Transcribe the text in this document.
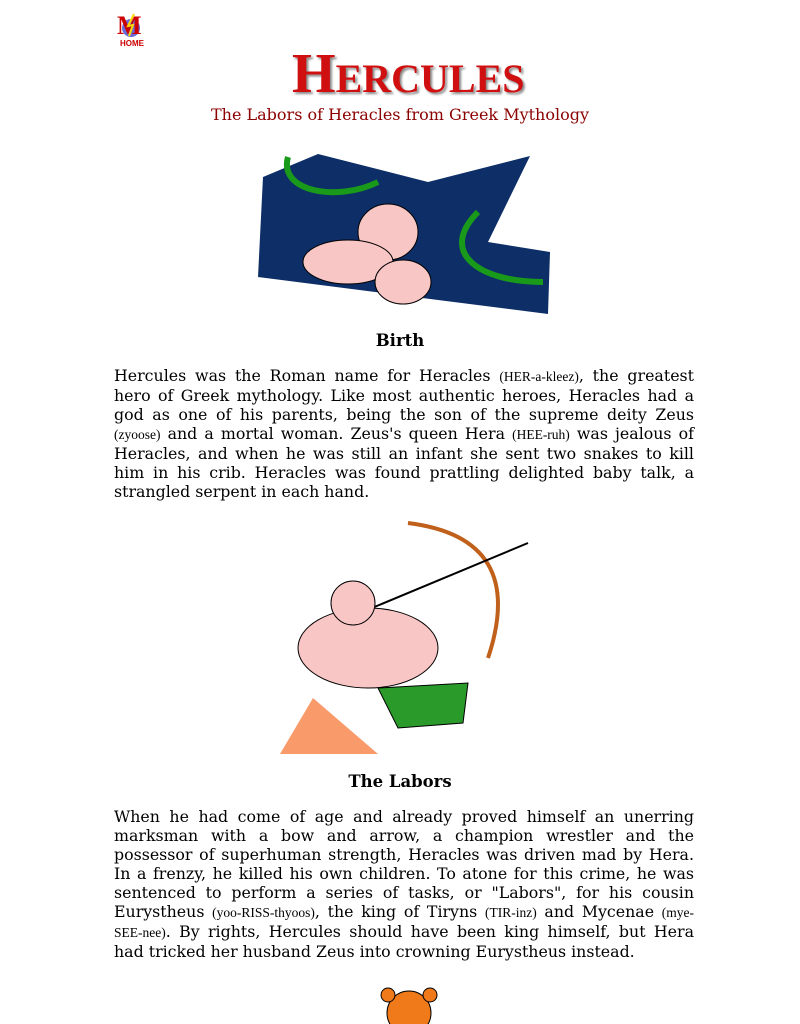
M
HOME	HERCULES
The Labors of Heracles from Greek Mythology
Birth

Hercules was the Roman name for Heracles (HER-a-kleez), the greatest hero of Greek mythology. Like most authentic heroes, Heracles had a god as one of his parents, being the son of the supreme deity Zeus (zyoose) and a mortal woman. Zeus's queen Hera (HEE-ruh) was jealous of Heracles, and when he was still an infant she sent two snakes to kill him in his crib. Heracles was found prattling delighted baby talk, a strangled serpent in each hand.

The Labors

When he had come of age and already proved himself an unerring marksman with a bow and arrow, a champion wrestler and the possessor of superhuman strength, Heracles was driven mad by Hera. In a frenzy, he killed his own children. To atone for this crime, he was sentenced to perform a series of tasks, or "Labors", for his cousin Eurystheus (yoo-RISS-thyoos), the king of Tiryns (TIR-inz) and Mycenae (mye-SEE-nee). By rights, Hercules should have been king himself, but Hera had tricked her husband Zeus into crowning Eurystheus instead.
